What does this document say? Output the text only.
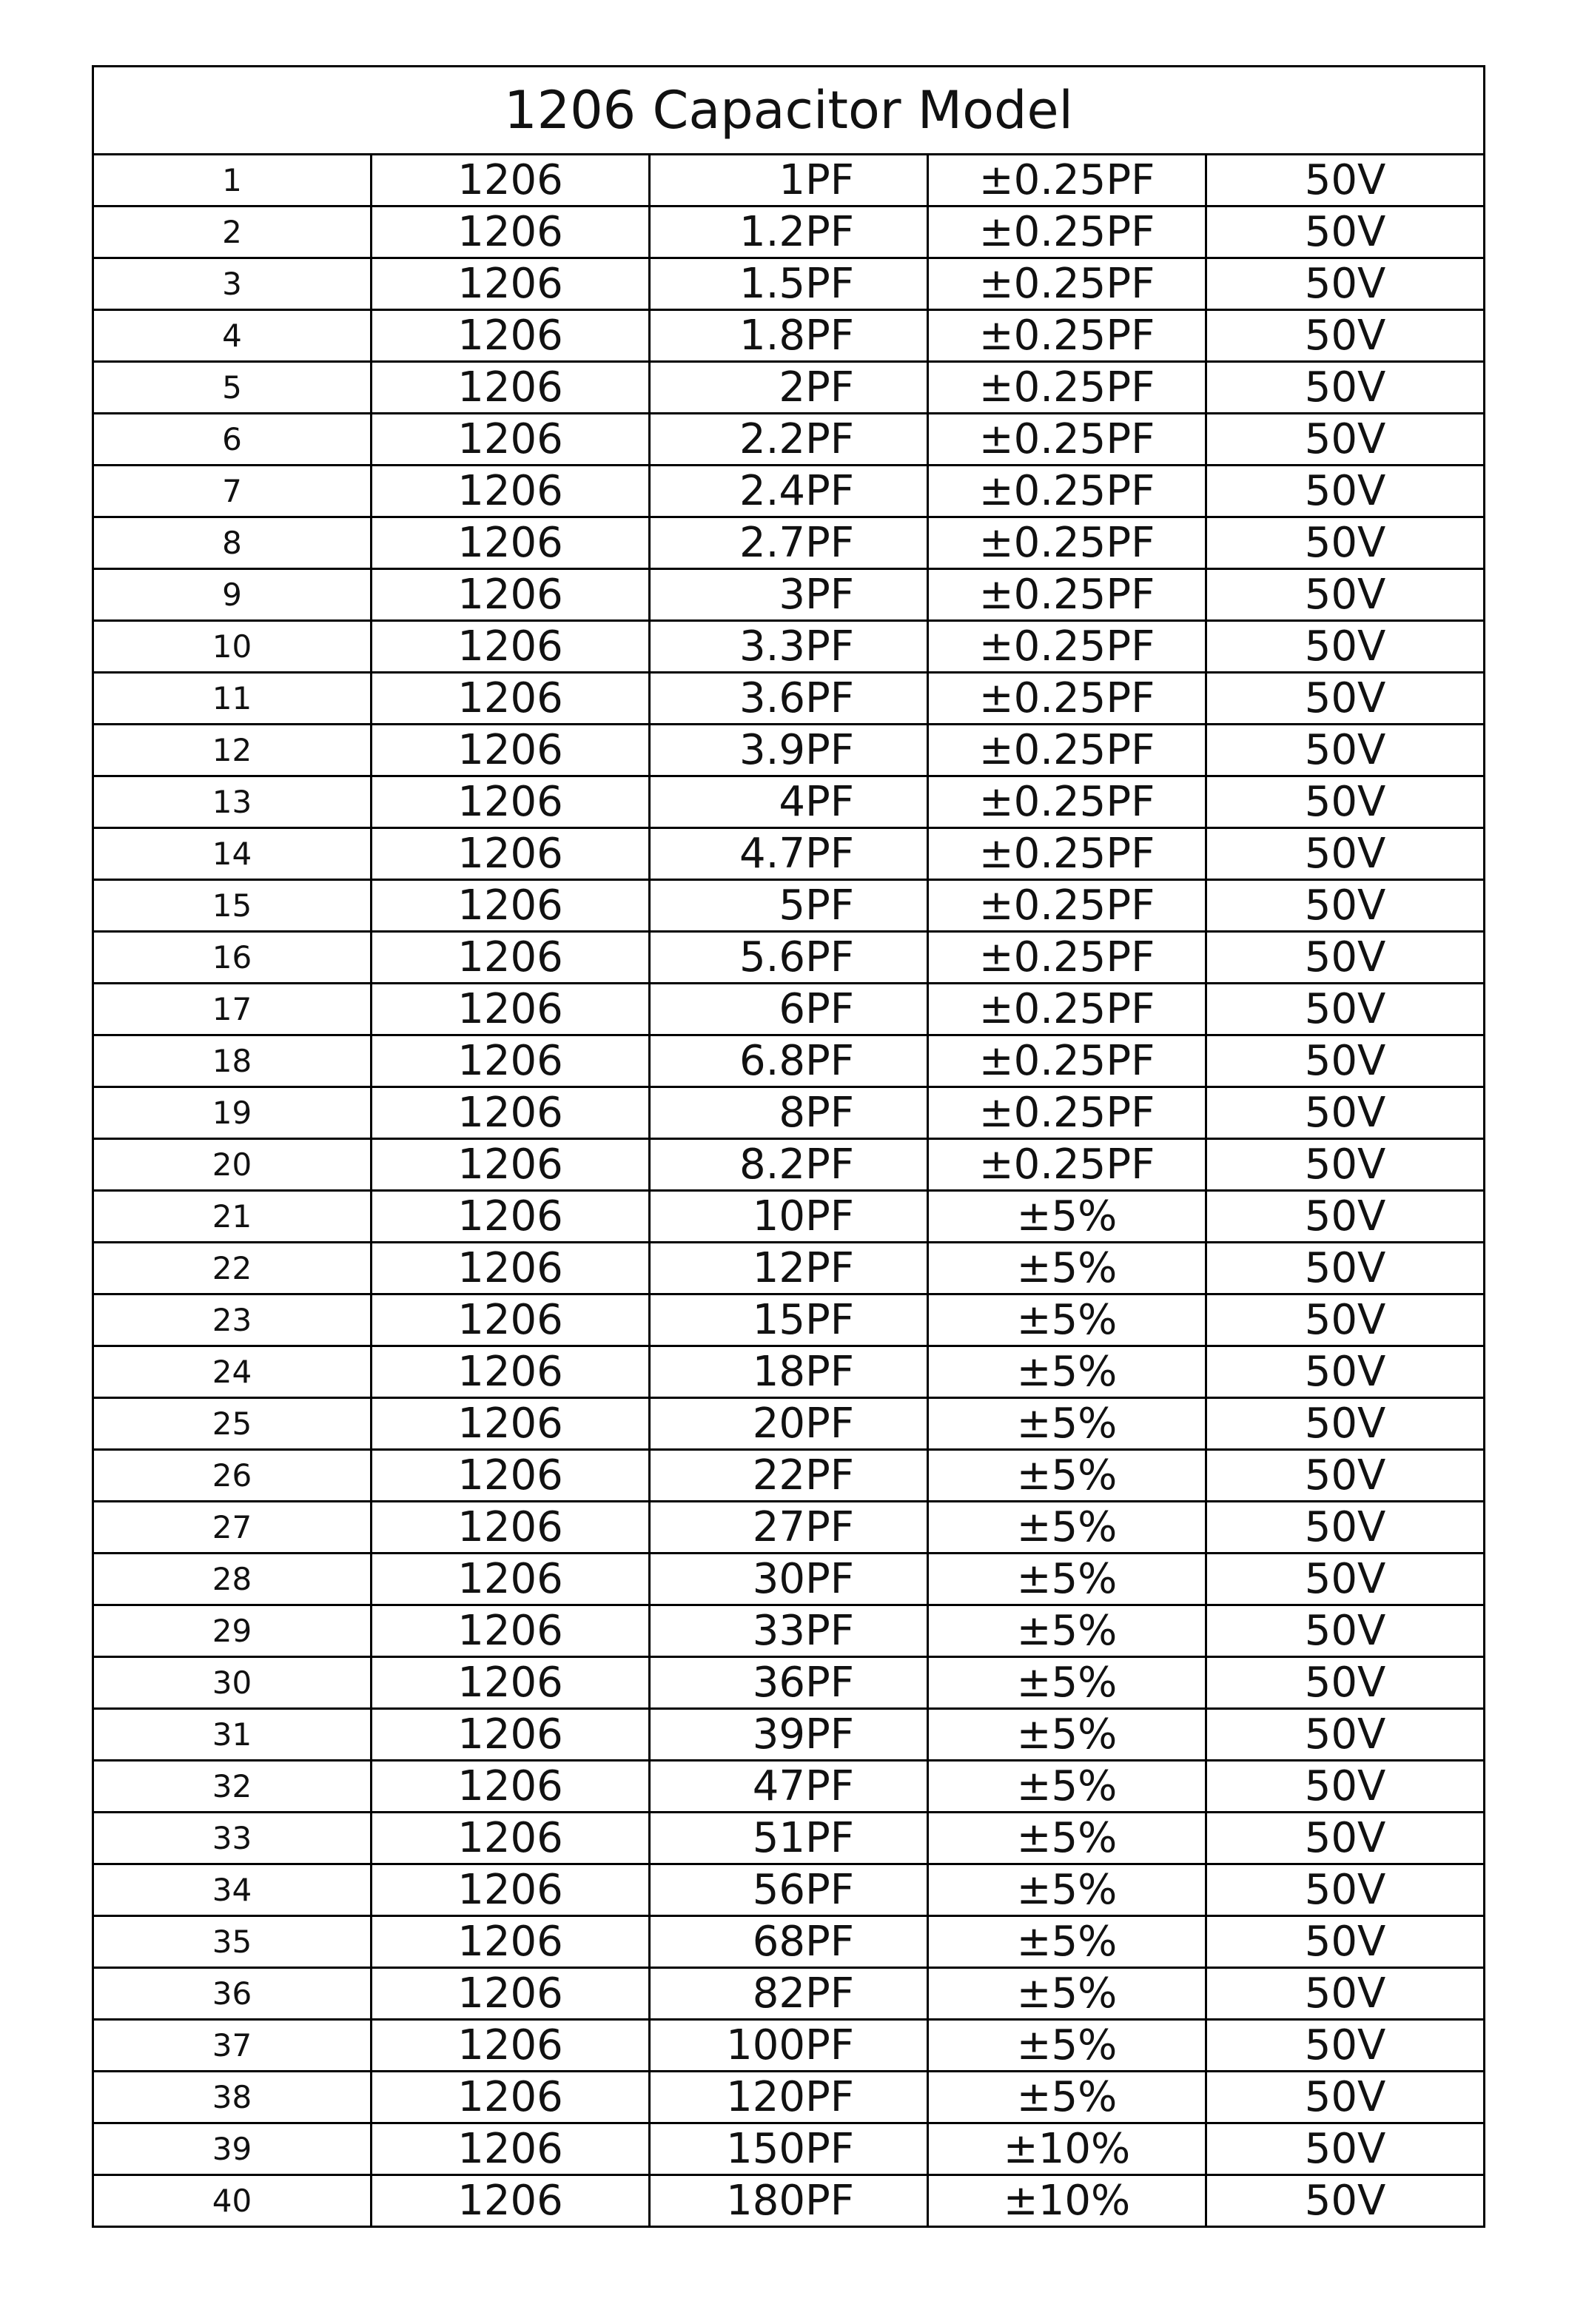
1206 Capacitor Model				
1	1206	1PF	±0.25PF	50V
2	1206	1.2PF	±0.25PF	50V
3	1206	1.5PF	±0.25PF	50V
4	1206	1.8PF	±0.25PF	50V
5	1206	2PF	±0.25PF	50V
6	1206	2.2PF	±0.25PF	50V
7	1206	2.4PF	±0.25PF	50V
8	1206	2.7PF	±0.25PF	50V
9	1206	3PF	±0.25PF	50V
10	1206	3.3PF	±0.25PF	50V
11	1206	3.6PF	±0.25PF	50V
12	1206	3.9PF	±0.25PF	50V
13	1206	4PF	±0.25PF	50V
14	1206	4.7PF	±0.25PF	50V
15	1206	5PF	±0.25PF	50V
16	1206	5.6PF	±0.25PF	50V
17	1206	6PF	±0.25PF	50V
18	1206	6.8PF	±0.25PF	50V
19	1206	8PF	±0.25PF	50V
20	1206	8.2PF	±0.25PF	50V
21	1206	10PF	±5%	50V
22	1206	12PF	±5%	50V
23	1206	15PF	±5%	50V
24	1206	18PF	±5%	50V
25	1206	20PF	±5%	50V
26	1206	22PF	±5%	50V
27	1206	27PF	±5%	50V
28	1206	30PF	±5%	50V
29	1206	33PF	±5%	50V
30	1206	36PF	±5%	50V
31	1206	39PF	±5%	50V
32	1206	47PF	±5%	50V
33	1206	51PF	±5%	50V
34	1206	56PF	±5%	50V
35	1206	68PF	±5%	50V
36	1206	82PF	±5%	50V
37	1206	100PF	±5%	50V
38	1206	120PF	±5%	50V
39	1206	150PF	±10%	50V
40	1206	180PF	±10%	50V
